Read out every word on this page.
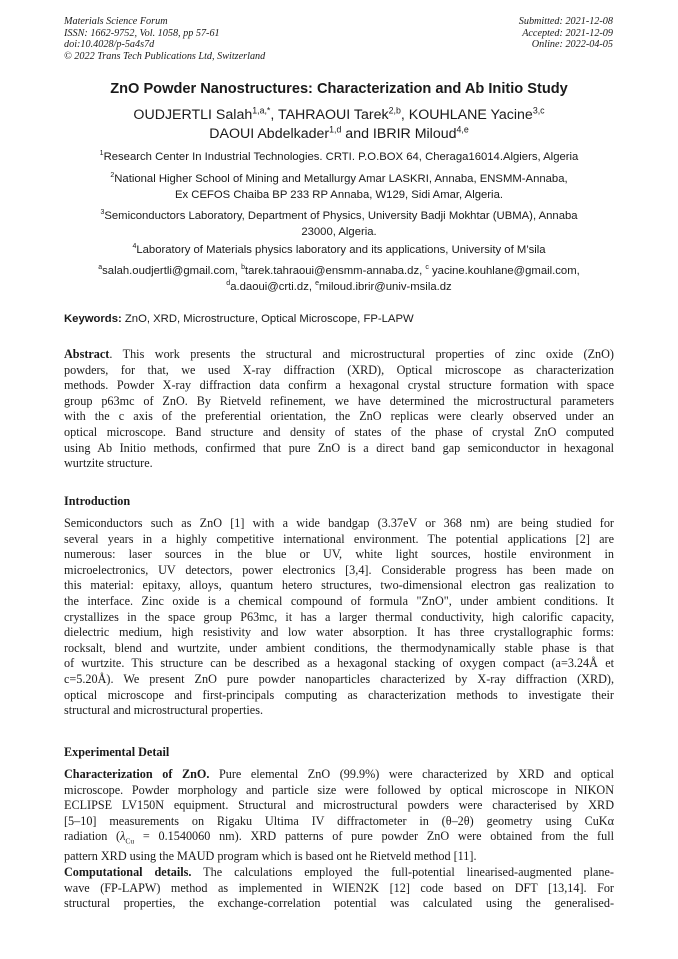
Materials Science Forum
ISSN: 1662-9752, Vol. 1058, pp 57-61
doi:10.4028/p-5a4s7d
© 2022 Trans Tech Publications Ltd, Switzerland
Submitted: 2021-12-08
Accepted: 2021-12-09
Online: 2022-04-05
ZnO Powder Nanostructures: Characterization and Ab Initio Study
OUDJERTLI Salah$^{1,a,*}$, TAHRAOUI Tarek$^{2,b}$, KOUHLANE Yacine$^{3,c}$
DAOUI Abdelkader$^{1,d}$ and IBRIR Miloud$^{4,e}$
$^1$Research Center In Industrial Technologies. CRTI. P.O.BOX 64, Cheraga16014.Algiers, Algeria
$^2$National Higher School of Mining and Metallurgy Amar LASKRI, Annaba, ENSMM-Annaba,
Ex CEFOS Chaiba BP 233 RP Annaba, W129, Sidi Amar, Algeria.
$^3$Semiconductors Laboratory, Department of Physics, University Badji Mokhtar (UBMA), Annaba
23000, Algeria.
$^4$Laboratory of Materials physics laboratory and its applications, University of M’sila
$^a$salah.oudjertli@gmail.com, $^b$tarek.tahraoui@ensmm-annaba.dz, $^c$ yacine.kouhlane@gmail.com,
$^d$a.daoui@crti.dz, $^e$miloud.ibrir@univ-msila.dz
Keywords: ZnO, XRD, Microstructure, Optical Microscope, FP-LAPW
Abstract. This work presents the structural and microstructural properties of zinc oxide (ZnO)
powders, for that, we used X-ray diffraction (XRD), Optical microscope as characterization
methods. Powder X-ray diffraction data confirm a hexagonal crystal structure formation with space
group p63mc of ZnO. By Rietveld refinement, we have determined the microstructural parameters
with the c axis of the preferential orientation, the ZnO replicas were clearly observed under an
optical microscope. Band structure and density of states of the phase of crystal ZnO computed
using Ab Initio methods, confirmed that pure ZnO is a direct band gap semiconductor in hexagonal
wurtzite structure.
Introduction
Semiconductors such as ZnO [1] with a wide bandgap (3.37eV or 368 nm) are being studied for
several years in a highly competitive international environment. The potential applications [2] are
numerous: laser sources in the blue or UV, white light sources, hostile environment in
microelectronics, UV detectors, power electronics [3,4]. Considerable progress has been made on
this material: epitaxy, alloys, quantum hetero structures, two-dimensional electron gas realization to
the interface. Zinc oxide is a chemical compound of formula "ZnO", under ambient conditions. It
crystallizes in the space group P63mc, it has a larger thermal conductivity, high calorific capacity,
dielectric medium, high resistivity and low water absorption. It has three crystallographic forms:
rocksalt, blend and wurtzite, under ambient conditions, the thermodynamically stable phase is that
of wurtzite. This structure can be described as a hexagonal stacking of oxygen compact (a=3.24Å et
c=5.20Å). We present ZnO pure powder nanoparticles characterized by X-ray diffraction (XRD),
optical microscope and first-principals computing as characterization methods to investigate their
structural and microstructural properties.
Experimental Detail
Characterization of ZnO. Pure elemental ZnO (99.9%) were characterized by XRD and optical
microscope. Powder morphology and particle size were followed by optical microscope in NIKON
ECLIPSE LV150N equipment. Structural and microstructural powders were characterised by XRD
[5–10] measurements on Rigaku Ultima IV diffractometer in (θ–2θ) geometry using CuKα
radiation ($\lambda_{Cu} = 0.1540060$ nm). XRD patterns of pure powder ZnO were obtained from the full
pattern XRD using the MAUD program which is based ont he Rietveld method [11].
Computational details. The calculations employed the full-potential linearised-augmented plane-
wave (FP-LAPW) method as implemented in WIEN2K [12] code based on DFT [13,14]. For
structural properties, the exchange-correlation potential was calculated using the generalised-
